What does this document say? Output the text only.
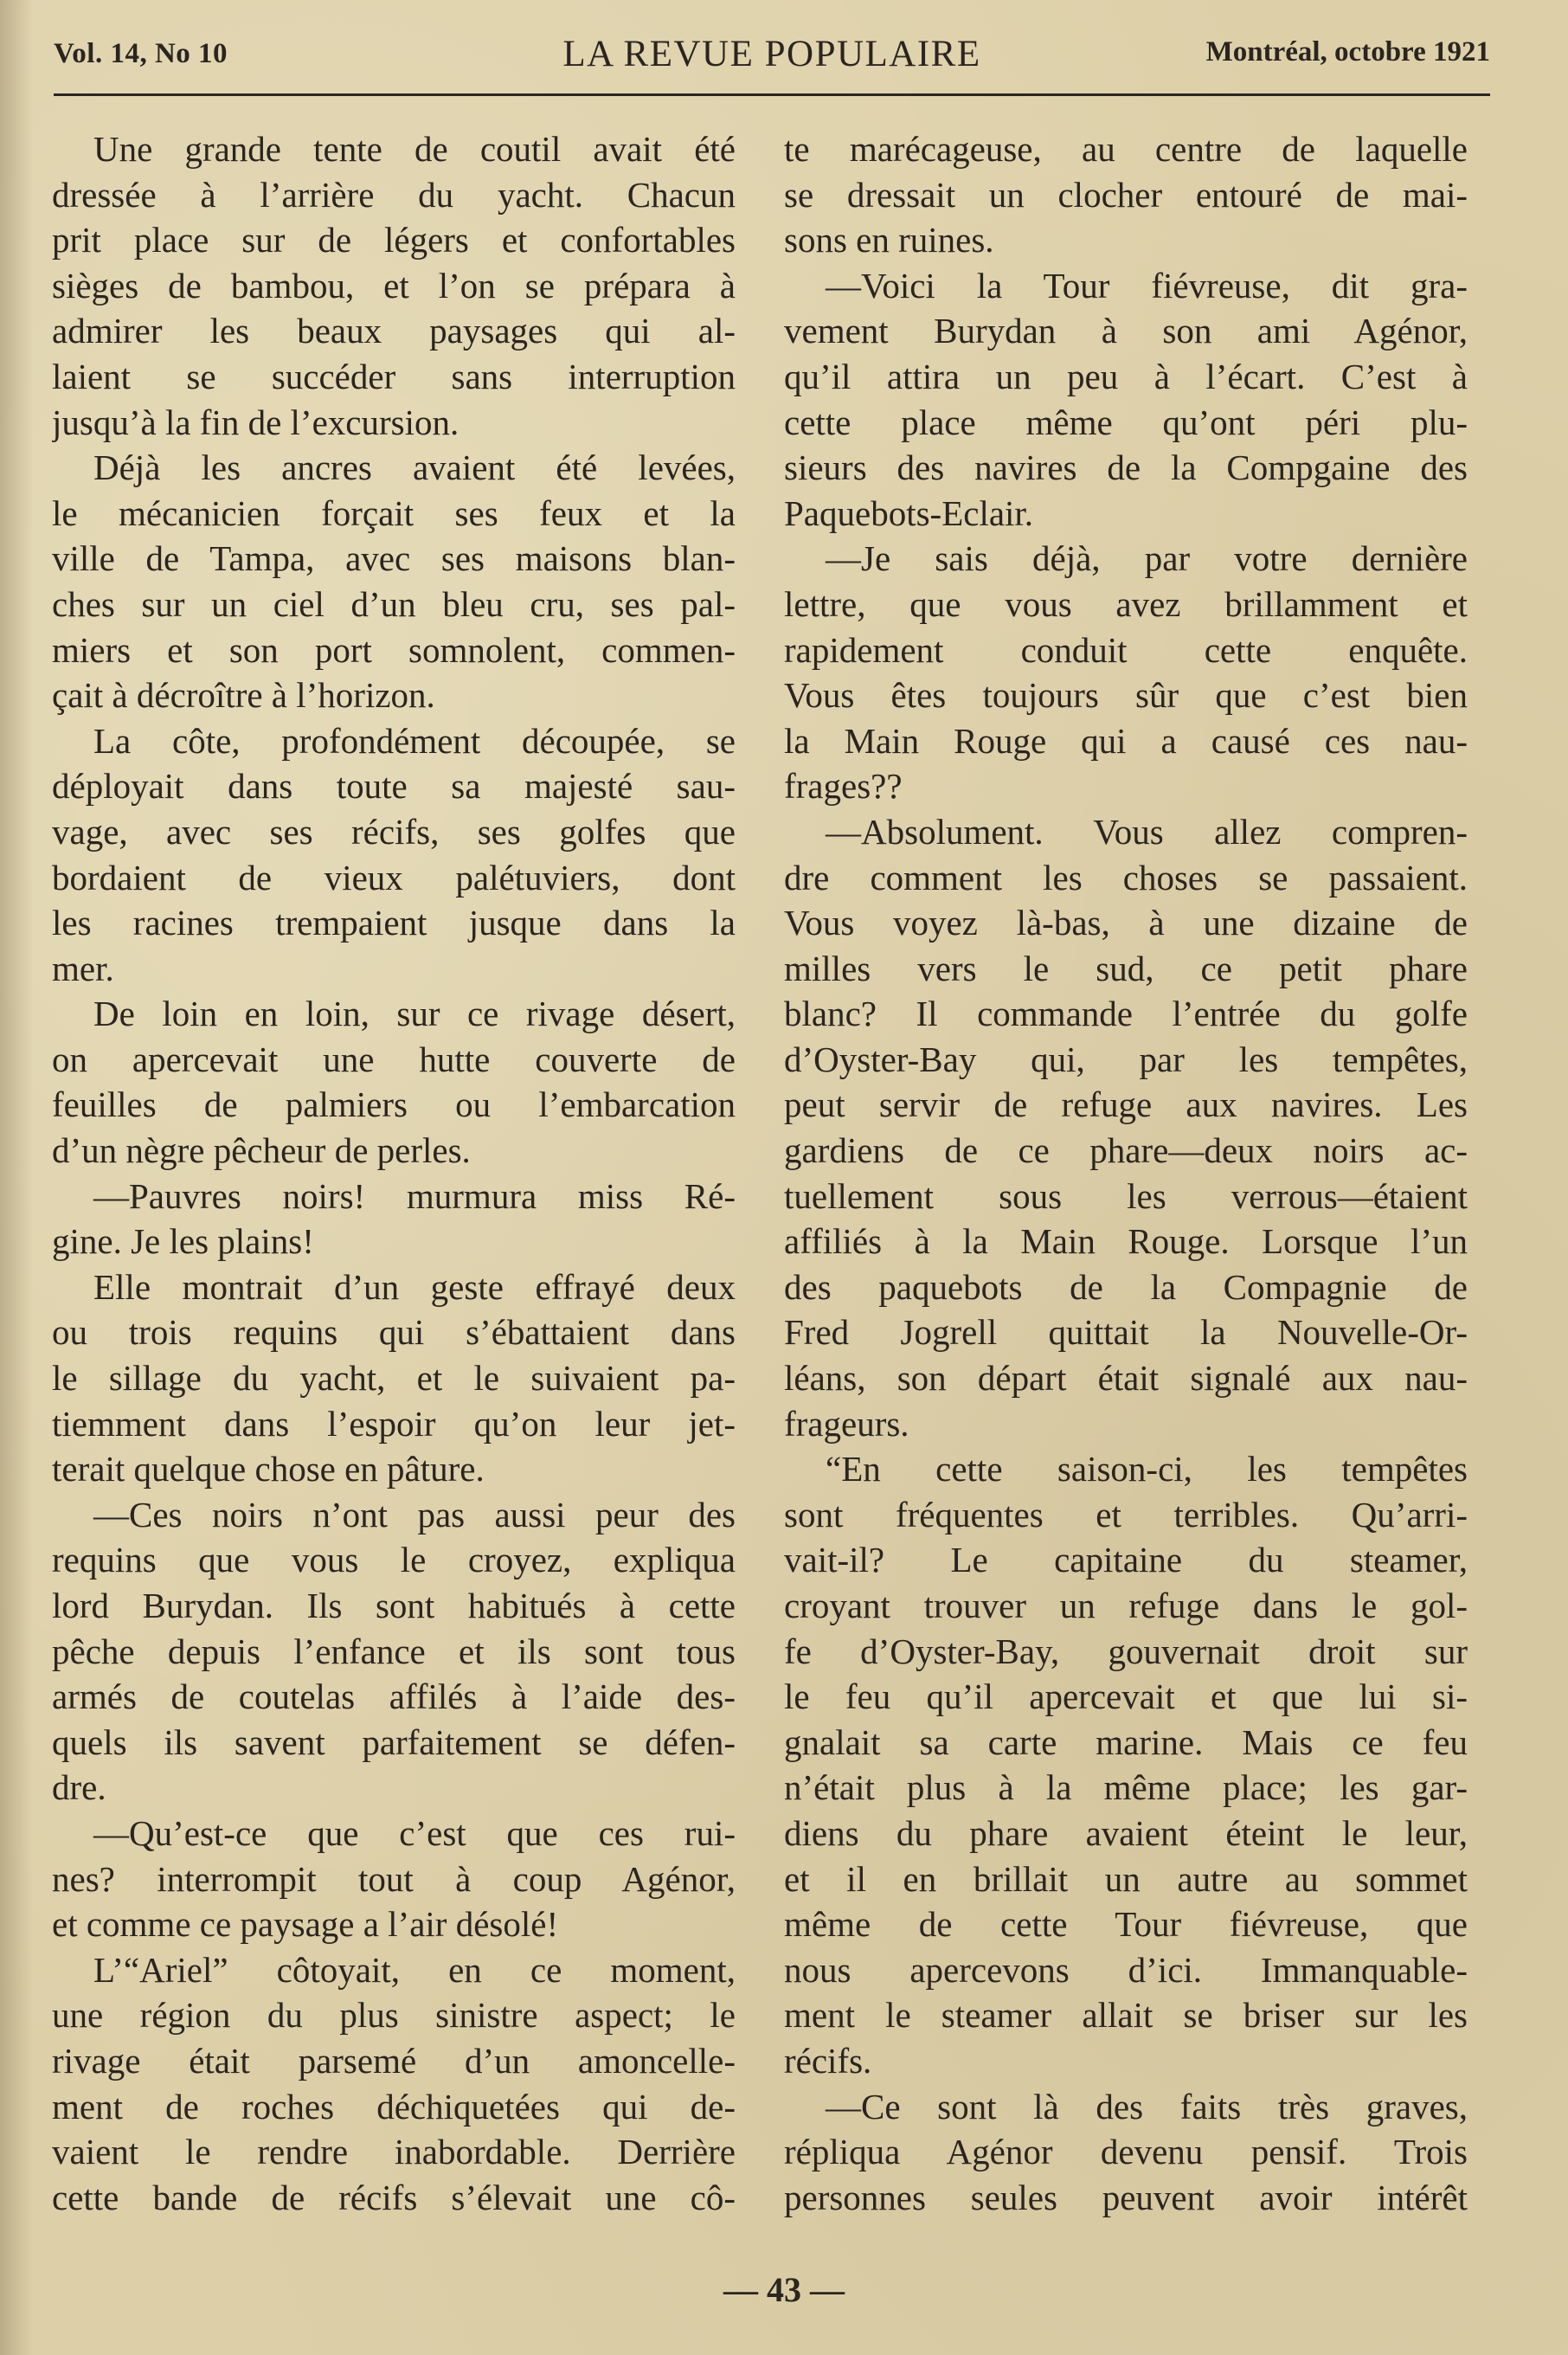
Vol. 14, No 10	LA REVUE POPULAIRE	Montréal, octobre 1921
Une grande tente de coutil avait été
dressée à l’arrière du yacht. Chacun
prit place sur de légers et confortables
sièges de bambou, et l’on se prépara à
admirer les beaux paysages qui al-
laient se succéder sans interruption
jusqu’à la fin de l’excursion.
Déjà les ancres avaient été levées,
le mécanicien forçait ses feux et la
ville de Tampa, avec ses maisons blan-
ches sur un ciel d’un bleu cru, ses pal-
miers et son port somnolent, commen-
çait à décroître à l’horizon.
La côte, profondément découpée, se
déployait dans toute sa majesté sau-
vage, avec ses récifs, ses golfes que
bordaient de vieux palétuviers, dont
les racines trempaient jusque dans la
mer.
De loin en loin, sur ce rivage désert,
on apercevait une hutte couverte de
feuilles de palmiers ou l’embarcation
d’un nègre pêcheur de perles.
—Pauvres noirs! murmura miss Ré-
gine. Je les plains!
Elle montrait d’un geste effrayé deux
ou trois requins qui s’ébattaient dans
le sillage du yacht, et le suivaient pa-
tiemment dans l’espoir qu’on leur jet-
terait quelque chose en pâture.
—Ces noirs n’ont pas aussi peur des
requins que vous le croyez, expliqua
lord Burydan. Ils sont habitués à cette
pêche depuis l’enfance et ils sont tous
armés de coutelas affilés à l’aide des-
quels ils savent parfaitement se défen-
dre.
—Qu’est-ce que c’est que ces rui-
nes? interrompit tout à coup Agénor,
et comme ce paysage a l’air désolé!
L’“Ariel” côtoyait, en ce moment,
une région du plus sinistre aspect; le
rivage était parsemé d’un amoncelle-
ment de roches déchiquetées qui de-
vaient le rendre inabordable. Derrière
cette bande de récifs s’élevait une cô-
te marécageuse, au centre de laquelle
se dressait un clocher entouré de mai-
sons en ruines.
—Voici la Tour fiévreuse, dit gra-
vement Burydan à son ami Agénor,
qu’il attira un peu à l’écart. C’est à
cette place même qu’ont péri plu-
sieurs des navires de la Compgaine des
Paquebots-Eclair.
—Je sais déjà, par votre dernière
lettre, que vous avez brillamment et
rapidement conduit cette enquête.
Vous êtes toujours sûr que c’est bien
la Main Rouge qui a causé ces nau-
frages??
—Absolument. Vous allez compren-
dre comment les choses se passaient.
Vous voyez là-bas, à une dizaine de
milles vers le sud, ce petit phare
blanc? Il commande l’entrée du golfe
d’Oyster-Bay qui, par les tempêtes,
peut servir de refuge aux navires. Les
gardiens de ce phare—deux noirs ac-
tuellement sous les verrous—étaient
affiliés à la Main Rouge. Lorsque l’un
des paquebots de la Compagnie de
Fred Jogrell quittait la Nouvelle-Or-
léans, son départ était signalé aux nau-
frageurs.
“En cette saison-ci, les tempêtes
sont fréquentes et terribles. Qu’arri-
vait-il? Le capitaine du steamer,
croyant trouver un refuge dans le gol-
fe d’Oyster-Bay, gouvernait droit sur
le feu qu’il apercevait et que lui si-
gnalait sa carte marine. Mais ce feu
n’était plus à la même place; les gar-
diens du phare avaient éteint le leur,
et il en brillait un autre au sommet
même de cette Tour fiévreuse, que
nous apercevons d’ici. Immanquable-
ment le steamer allait se briser sur les
récifs.
—Ce sont là des faits très graves,
répliqua Agénor devenu pensif. Trois
personnes seules peuvent avoir intérêt
— 43 —
